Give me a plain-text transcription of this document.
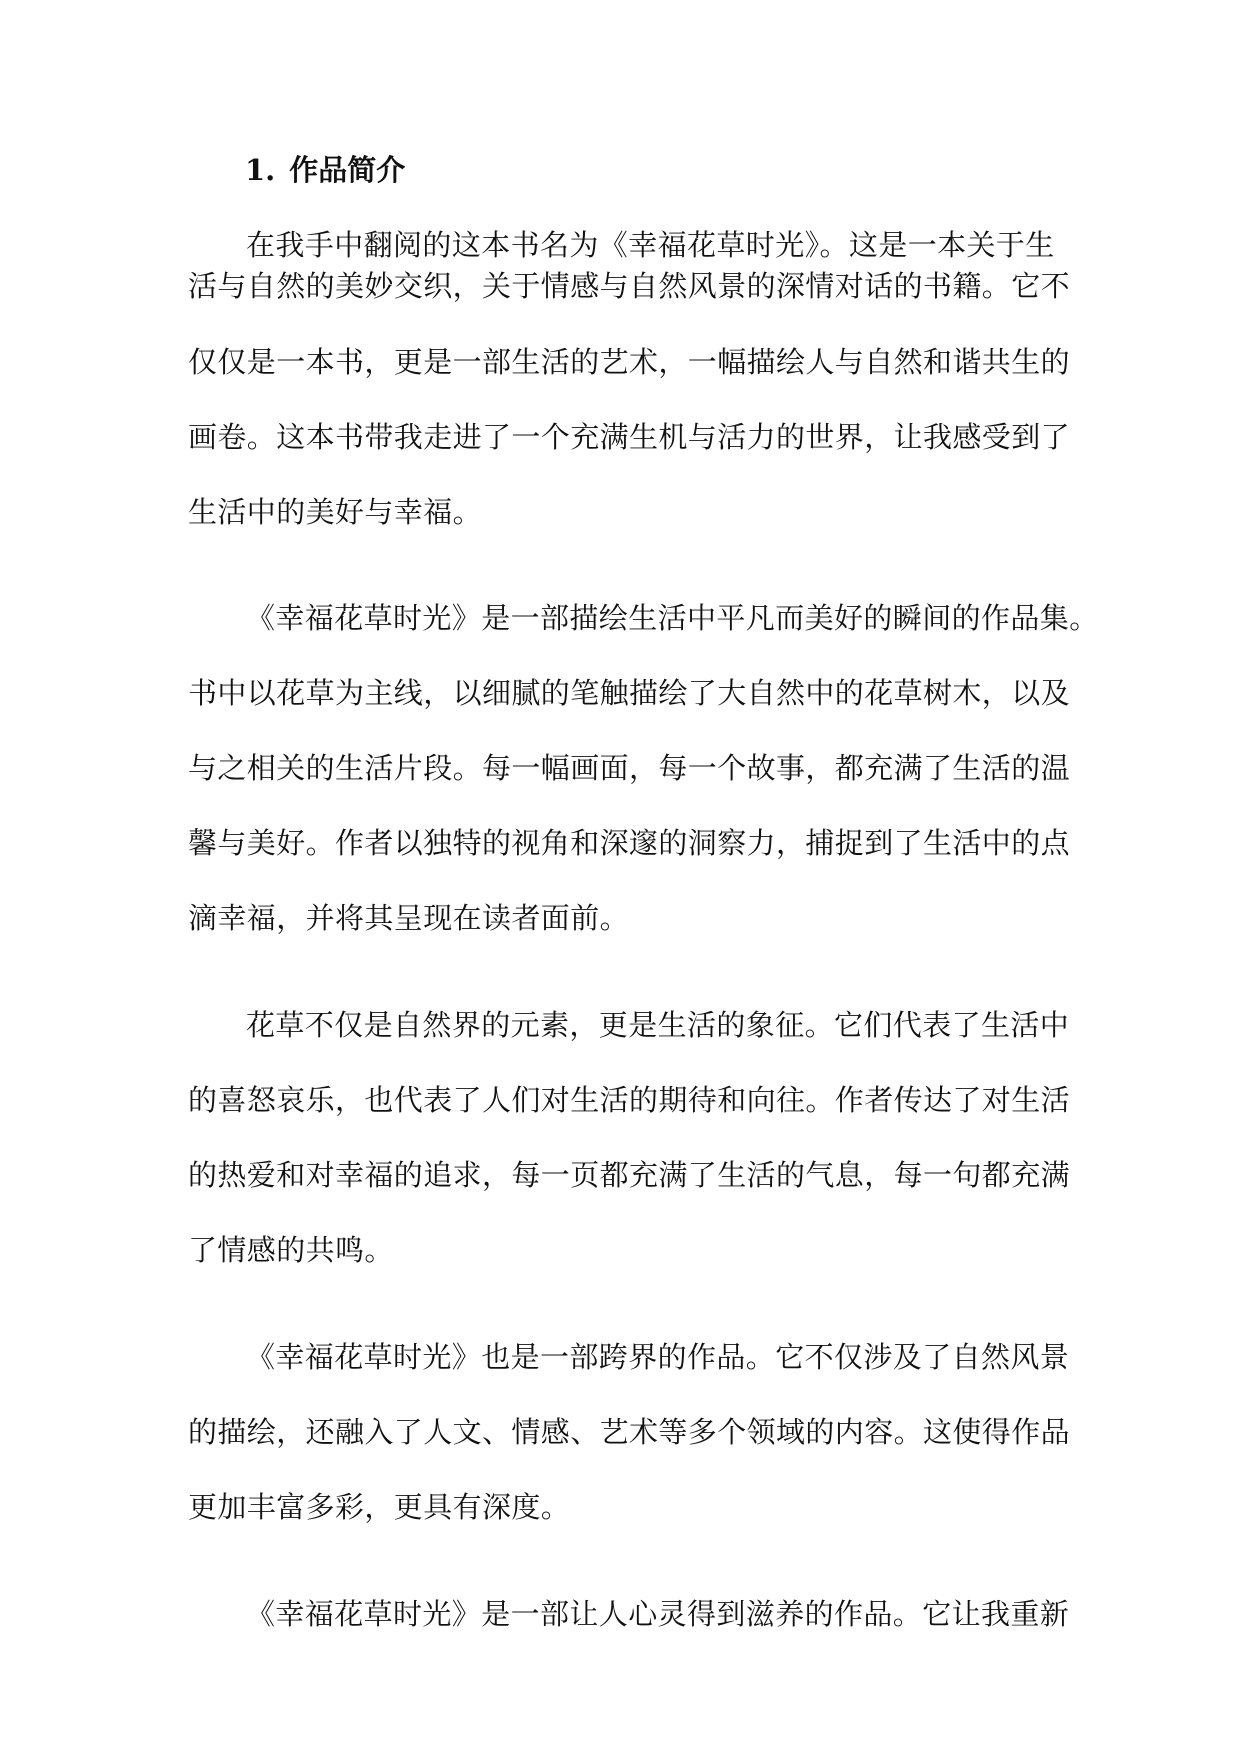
1. 作品简介
在我手中翻阅的这本书名为《幸福花草时光》。这是一本关于生
活与自然的美妙交织，关于情感与自然风景的深情对话的书籍。它不
仅仅是一本书，更是一部生活的艺术，一幅描绘人与自然和谐共生的
画卷。这本书带我走进了一个充满生机与活力的世界，让我感受到了
生活中的美好与幸福。
《幸福花草时光》是一部描绘生活中平凡而美好的瞬间的作品集。
书中以花草为主线，以细腻的笔触描绘了大自然中的花草树木，以及
与之相关的生活片段。每一幅画面，每一个故事，都充满了生活的温
馨与美好。作者以独特的视角和深邃的洞察力，捕捉到了生活中的点
滴幸福，并将其呈现在读者面前。
花草不仅是自然界的元素，更是生活的象征。它们代表了生活中
的喜怒哀乐，也代表了人们对生活的期待和向往。作者传达了对生活
的热爱和对幸福的追求，每一页都充满了生活的气息，每一句都充满
了情感的共鸣。
《幸福花草时光》也是一部跨界的作品。它不仅涉及了自然风景
的描绘，还融入了人文、情感、艺术等多个领域的内容。这使得作品
更加丰富多彩，更具有深度。
《幸福花草时光》是一部让人心灵得到滋养的作品。它让我重新
